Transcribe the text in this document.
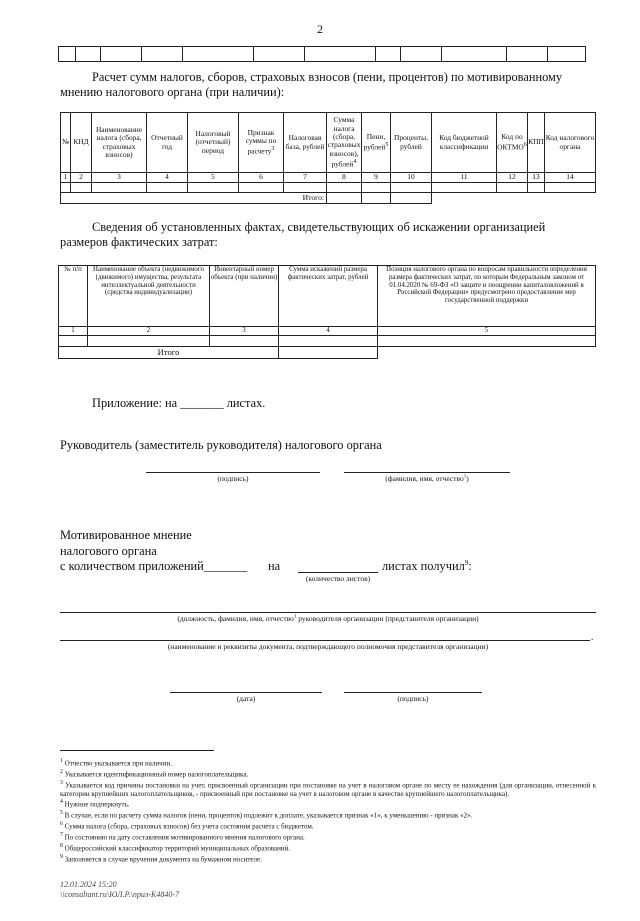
2

Расчет сумм налогов, сборов, страховых взносов (пени, процентов) по мотивированному
мнению налогового органа (при наличии):
№	КНД	Наименование налога (сбора, страховых взносов)	Отчетный год	Налоговый (отчетный) период	Признак суммы по расчету$^3$	Налоговая база, рублей	Сумма налога (сбора, страховых взносов), рублей$^4$	Пени, рублей$^5$	Проценты, рублей	Код бюджетной классификации	Код по ОКТМО$^6$	КПП	Код налогового органа
1	2	3	4	5	6	7	8	9	10	11	12	13	14

Итого:													
Сведения об установленных фактах, свидетельствующих об искажении организацией
размеров фактических затрат:
№ п/п	Наименование объекта (недвижимого (движимого) имущества, результата интеллектуальной деятельности (средства индивидуализации)	Инвентарный номер объекта (при наличии)	Сумма искажений размера фактических затрат, рублей	Позиция налогового органа по вопросам правильности определения размера фактических затрат, по которым Федеральным законом от 01.04.2020 № 69-ФЗ «О защите и поощрении капиталовложений в Российской Федерации» предусмотрено предоставление мер государственной поддержки
1	2	3	4	5

Итого				
Приложение: на _______ листах.
Руководитель (заместитель руководителя) налогового органа
(подпись)	(фамилия, имя, отчество$^1$)
Мотивированное мнение
налогового органа
с количеством приложений_______ на	листах получил$^9$:
(количество листов)
(должность, фамилия, имя, отчество$^1$ руководителя организации (представителя организации)
.
(наименование и реквизиты документа, подтверждающего полномочия представителя организации)
(дата)	(подпись)
$^1$ Отчество указывается при наличии.
$^2$ Указывается идентификационный номер налогоплательщика.
$^3$ Указывается код причины постановки на учет, присвоенный организации при постановке на учет в налоговом органе по месту ее нахождения (для организации, отнесенной к категории крупнейших налогоплательщиков, - присвоенный при постановке на учет в налоговом органе в качестве крупнейшего налогоплательщика).
$^4$ Нужное подчеркнуть.
$^5$ В случае, если по расчету сумма налогов (пени, процентов) подлежит к доплате, указывается признак «1», к уменьшению - признак «2».
$^6$ Сумма налога (сбора, страховых взносов) без учета состояния расчета с бюджетом.
$^7$ По состоянию на дату составления мотивированного мнения налогового органа.
$^8$ Общероссийский классификатор территорий муниципальных образований.
$^9$ Заполняется в случае вручения документа на бумажном носителе.
12.01.2024 15:20
\\consultant.ru\ЮЛ.Р.\прил-К4840-7
